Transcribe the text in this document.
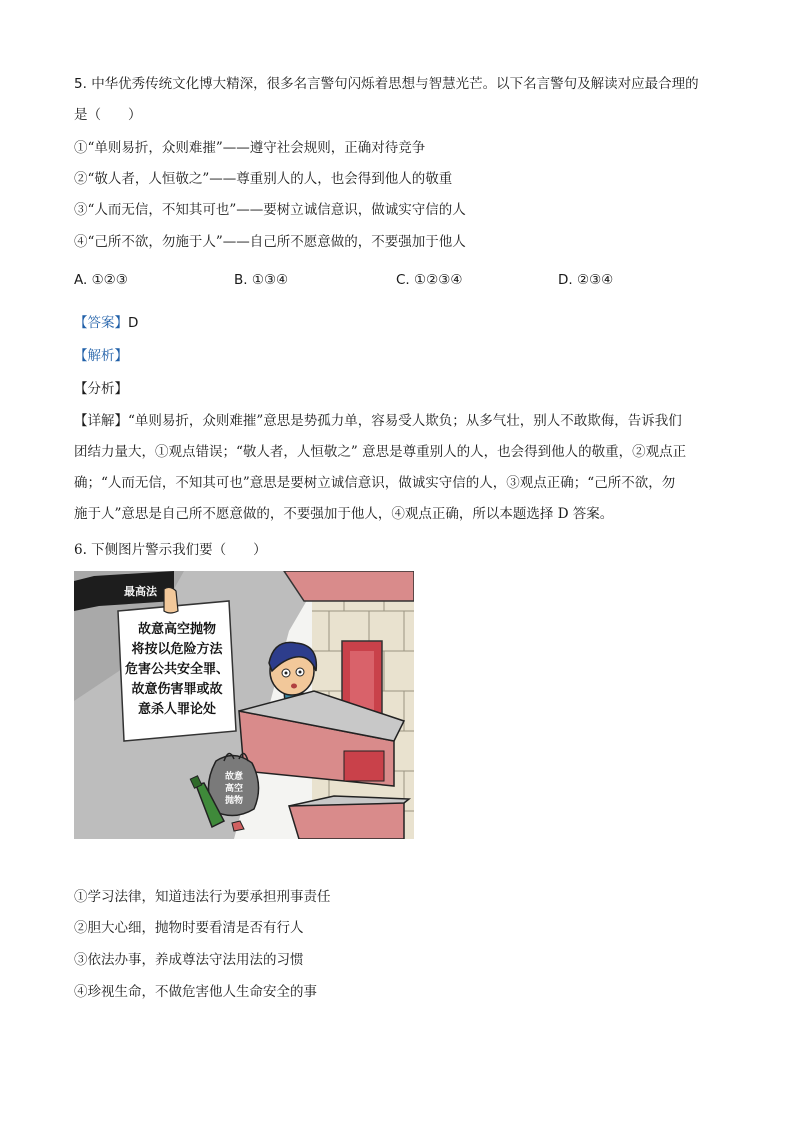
5. 中华优秀传统文化博大精深，很多名言警句闪烁着思想与智慧光芒。以下名言警句及解读对应最合理的
是（　　）
①“单则易折，众则难摧”——遵守社会规则，正确对待竞争
②“敬人者，人恒敬之”——尊重别人的人，也会得到他人的敬重
③“人而无信，不知其可也”——要树立诚信意识，做诚实守信的人
④“己所不欲，勿施于人”——自己所不愿意做的，不要强加于他人
A. ①②③	B. ①③④	C. ①②③④	D. ②③④
【答案】D
【解析】
【分析】
【详解】“单则易折，众则难摧”意思是势孤力单，容易受人欺负；从多气壮，别人不敢欺侮，告诉我们
团结力量大，①观点错误；“敬人者，人恒敬之” 意思是尊重别人的人，也会得到他人的敬重，②观点正
确；“人而无信，不知其可也”意思是要树立诚信意识，做诚实守信的人，③观点正确；“己所不欲，勿
施于人”意思是自己所不愿意做的，不要强加于他人，④观点正确，所以本题选择 D 答案。
6. 下侧图片警示我们要（　　）
最高法
故意高空抛物
将按以危险方法
危害公共安全罪、
故意伤害罪或故
意杀人罪论处
故意
高空
抛物
①学习法律，知道违法行为要承担刑事责任
②胆大心细，抛物时要看清是否有行人
③依法办事，养成尊法守法用法的习惯
④珍视生命，不做危害他人生命安全的事
